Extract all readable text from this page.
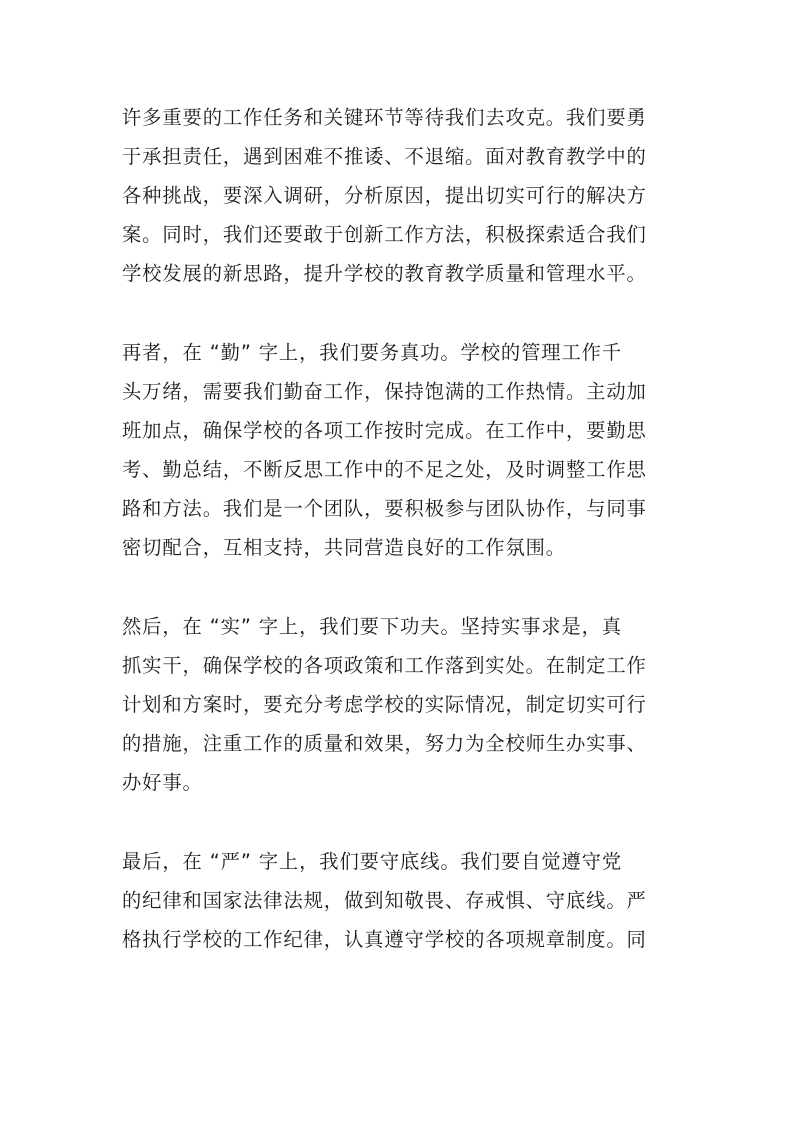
许多重要的工作任务和关键环节等待我们去攻克。我们要勇
于承担责任，遇到困难不推诿、不退缩。面对教育教学中的
各种挑战，要深入调研，分析原因，提出切实可行的解决方
案。同时，我们还要敢于创新工作方法，积极探索适合我们
学校发展的新思路，提升学校的教育教学质量和管理水平。
再者，在 “勤” 字上，我们要务真功。学校的管理工作千
头万绪，需要我们勤奋工作，保持饱满的工作热情。主动加
班加点，确保学校的各项工作按时完成。在工作中，要勤思
考、勤总结，不断反思工作中的不足之处，及时调整工作思
路和方法。我们是一个团队，要积极参与团队协作，与同事
密切配合，互相支持，共同营造良好的工作氛围。
然后，在 “实” 字上，我们要下功夫。坚持实事求是，真
抓实干，确保学校的各项政策和工作落到实处。在制定工作
计划和方案时，要充分考虑学校的实际情况，制定切实可行
的措施，注重工作的质量和效果，努力为全校师生办实事、
办好事。
最后，在 “严” 字上，我们要守底线。我们要自觉遵守党
的纪律和国家法律法规，做到知敬畏、存戒惧、守底线。严
格执行学校的工作纪律，认真遵守学校的各项规章制度。同
